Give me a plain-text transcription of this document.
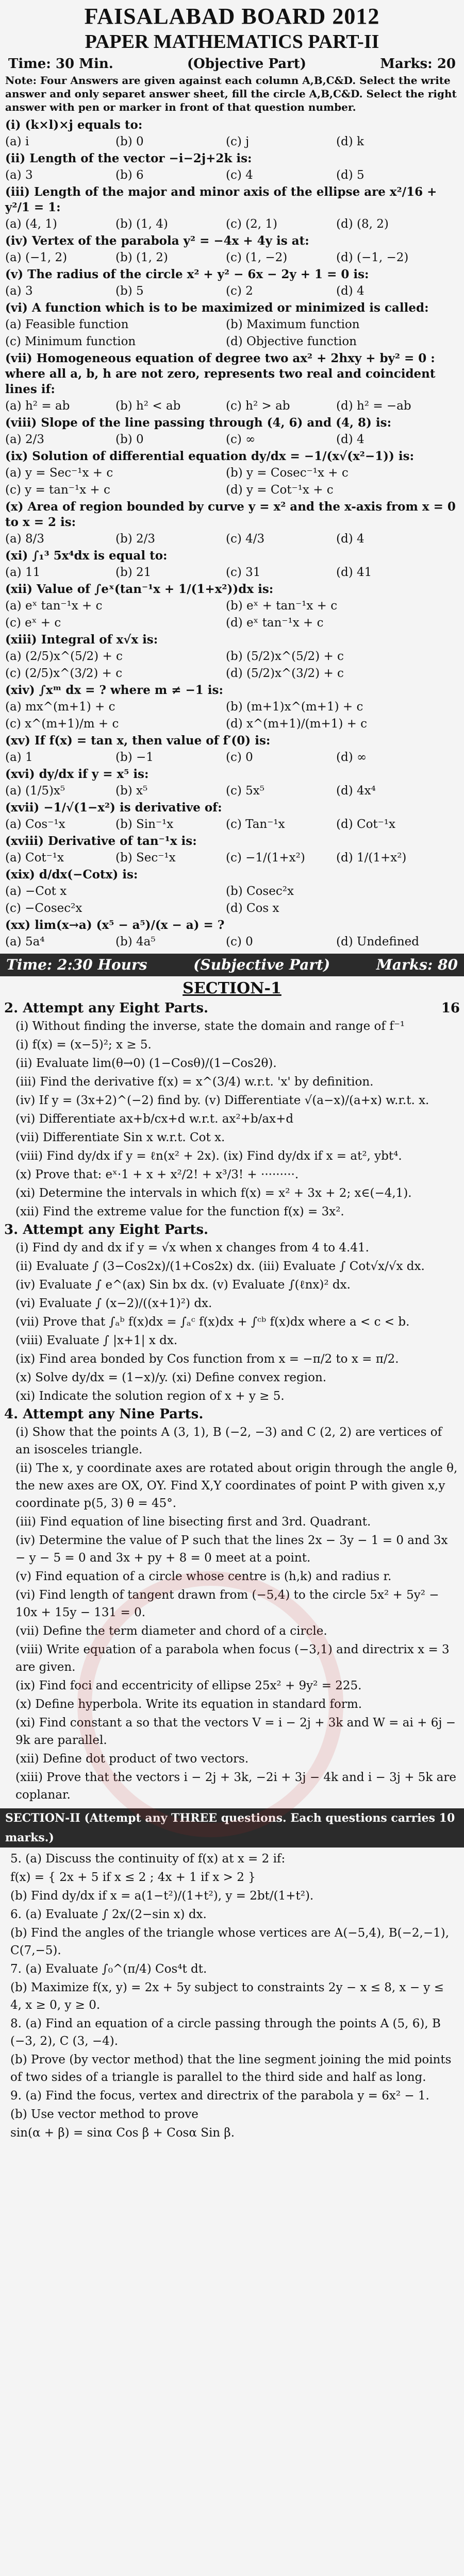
FAISALABAD BOARD 2012
PAPER MATHEMATICS PART-II
Time: 30 Min.	(Objective Part)	Marks: 20
Note: Four Answers are given against each column A,B,C&D. Select the write answer and only separet answer sheet, fill the circle A,B,C&D. Select the right answer with pen or marker in front of that question number.
(i) (k×l)×j equals to:
(a) i	(b) 0	(c) j	(d) k
(ii) Length of the vector −i−2j+2k is:
(a) 3	(b) 6	(c) 4	(d) 5
(iii) Length of the major and minor axis of the ellipse are x²/16 + y²/1 = 1:
(a) (4, 1)	(b) (1, 4)	(c) (2, 1)	(d) (8, 2)
(iv) Vertex of the parabola y² = −4x + 4y is at:
(a) (−1, 2)	(b) (1, 2)	(c) (1, −2)	(d) (−1, −2)
(v) The radius of the circle x² + y² − 6x − 2y + 1 = 0 is:
(a) 3	(b) 5	(c) 2	(d) 4
(vi) A function which is to be maximized or minimized is called:
(a) Feasible function	(b) Maximum function
(c) Minimum function	(d) Objective function
(vii) Homogeneous equation of degree two ax² + 2hxy + by² = 0 : where all a, b, h are not zero, represents two real and coincident lines if:
(a) h² = ab	(b) h² < ab	(c) h² > ab	(d) h² = −ab
(viii) Slope of the line passing through (4, 6) and (4, 8) is:
(a) 2/3	(b) 0	(c) ∞	(d) 4
(ix) Solution of differential equation dy/dx = −1/(x√(x²−1)) is:
(a) y = Sec⁻¹x + c	(b) y = Cosec⁻¹x + c
(c) y = tan⁻¹x + c	(d) y = Cot⁻¹x + c
(x) Area of region bounded by curve y = x² and the x-axis from x = 0 to x = 2 is:
(a) 8/3	(b) 2/3	(c) 4/3	(d) 4
(xi) ∫₁³ 5x⁴dx is equal to:
(a) 11	(b) 21	(c) 31	(d) 41
(xii) Value of ∫eˣ(tan⁻¹x + 1/(1+x²))dx is:
(a) eˣ tan⁻¹x + c	(b) eˣ + tan⁻¹x + c
(c) eˣ + c	(d) eˣ tan⁻¹x + c
(xiii) Integral of x√x is:
(a) (2/5)x^(5/2) + c	(b) (5/2)x^(5/2) + c
(c) (2/5)x^(3/2) + c	(d) (5/2)x^(3/2) + c
(xiv) ∫xᵐ dx = ? where m ≠ −1 is:
(a) mx^(m+1) + c	(b) (m+1)x^(m+1) + c
(c) x^(m+1)/m + c	(d) x^(m+1)/(m+1) + c
(xv) If f(x) = tan x, then value of f′(0) is:
(a) 1	(b) −1	(c) 0	(d) ∞
(xvi) dy/dx if y = x⁵ is:
(a) (1/5)x⁵	(b) x⁵	(c) 5x⁵	(d) 4x⁴
(xvii) −1/√(1−x²) is derivative of:
(a) Cos⁻¹x	(b) Sin⁻¹x	(c) Tan⁻¹x	(d) Cot⁻¹x
(xviii) Derivative of tan⁻¹x is:
(a) Cot⁻¹x	(b) Sec⁻¹x	(c) −1/(1+x²)	(d) 1/(1+x²)
(xix) d/dx(−Cotx) is:
(a) −Cot x	(b) Cosec²x
(c) −Cosec²x	(d) Cos x
(xx) lim(x→a) (x⁵ − a⁵)/(x − a) = ?
(a) 5a⁴	(b) 4a⁵	(c) 0	(d) Undefined
Time: 2:30 Hours	(Subjective Part)	Marks: 80
SECTION-1
2. Attempt any Eight Parts.	16
(i) Without finding the inverse, state the domain and range of f⁻¹
(i) f(x) = (x−5)²; x ≥ 5.
(ii) Evaluate lim(θ→0) (1−Cosθ)/(1−Cos2θ).
(iii) Find the derivative f(x) = x^(3/4) w.r.t. 'x' by definition.
(iv) If y = (3x+2)^(−2) find by. (v) Differentiate √(a−x)/(a+x) w.r.t. x.
(vi) Differentiate ax+b/cx+d w.r.t. ax²+b/ax+d
(vii) Differentiate Sin x w.r.t. Cot x.
(viii) Find dy/dx if y = ℓn(x² + 2x). (ix) Find dy/dx if x = at², ybt⁴.
(x) Prove that: eˣ·1 + x + x²/2! + x³/3! + ·········.
(xi) Determine the intervals in which f(x) = x² + 3x + 2; x∈(−4,1).
(xii) Find the extreme value for the function f(x) = 3x².
3. Attempt any Eight Parts.
(i) Find dy and dx if y = √x when x changes from 4 to 4.41.
(ii) Evaluate ∫ (3−Cos2x)/(1+Cos2x) dx. (iii) Evaluate ∫ Cot√x/√x dx.
(iv) Evaluate ∫ e^(ax) Sin bx dx. (v) Evaluate ∫(ℓnx)² dx.
(vi) Evaluate ∫ (x−2)/((x+1)²) dx.
(vii) Prove that ∫ₐᵇ f(x)dx = ∫ₐᶜ f(x)dx + ∫ᶜᵇ f(x)dx where a < c < b.
(viii) Evaluate ∫ |x+1| x dx.
(ix) Find area bonded by Cos function from x = −π/2 to x = π/2.
(x) Solve dy/dx = (1−x)/y. (xi) Define convex region.
(xi) Indicate the solution region of x + y ≥ 5.
4. Attempt any Nine Parts.
(i) Show that the points A (3, 1), B (−2, −3) and C (2, 2) are vertices of an isosceles triangle.
(ii) The x, y coordinate axes are rotated about origin through the angle θ, the new axes are OX, OY. Find X,Y coordinates of point P with given x,y coordinate p(5, 3) θ = 45°.
(iii) Find equation of line bisecting first and 3rd. Quadrant.
(iv) Determine the value of P such that the lines 2x − 3y − 1 = 0 and 3x − y − 5 = 0 and 3x + py + 8 = 0 meet at a point.
(v) Find equation of a circle whose centre is (h,k) and radius r.
(vi) Find length of tangent drawn from (−5,4) to the circle 5x² + 5y² − 10x + 15y − 131 = 0.
(vii) Define the term diameter and chord of a circle.
(viii) Write equation of a parabola when focus (−3,1) and directrix x = 3 are given.
(ix) Find foci and eccentricity of ellipse 25x² + 9y² = 225.
(x) Define hyperbola. Write its equation in standard form.
(xi) Find constant a so that the vectors V = i − 2j + 3k and W = ai + 6j − 9k are parallel.
(xii) Define dot product of two vectors.
(xiii) Prove that the vectors i − 2j + 3k, −2i + 3j − 4k and i − 3j + 5k are coplanar.
SECTION-II (Attempt any THREE questions. Each questions carries 10 marks.)
5. (a) Discuss the continuity of f(x) at x = 2 if:
f(x) = { 2x + 5 if x ≤ 2 ; 4x + 1 if x > 2 }
(b) Find dy/dx if x = a(1−t²)/(1+t²), y = 2bt/(1+t²).
6. (a) Evaluate ∫ 2x/(2−sin x) dx.
(b) Find the angles of the triangle whose vertices are A(−5,4), B(−2,−1), C(7,−5).
7. (a) Evaluate ∫₀^(π/4) Cos⁴t dt.
(b) Maximize f(x, y) = 2x + 5y subject to constraints 2y − x ≤ 8, x − y ≤ 4, x ≥ 0, y ≥ 0.
8. (a) Find an equation of a circle passing through the points A (5, 6), B (−3, 2), C (3, −4).
(b) Prove (by vector method) that the line segment joining the mid points of two sides of a triangle is parallel to the third side and half as long.
9. (a) Find the focus, vertex and directrix of the parabola y = 6x² − 1.
(b) Use vector method to prove
sin(α + β) = sinα Cos β + Cosα Sin β.
